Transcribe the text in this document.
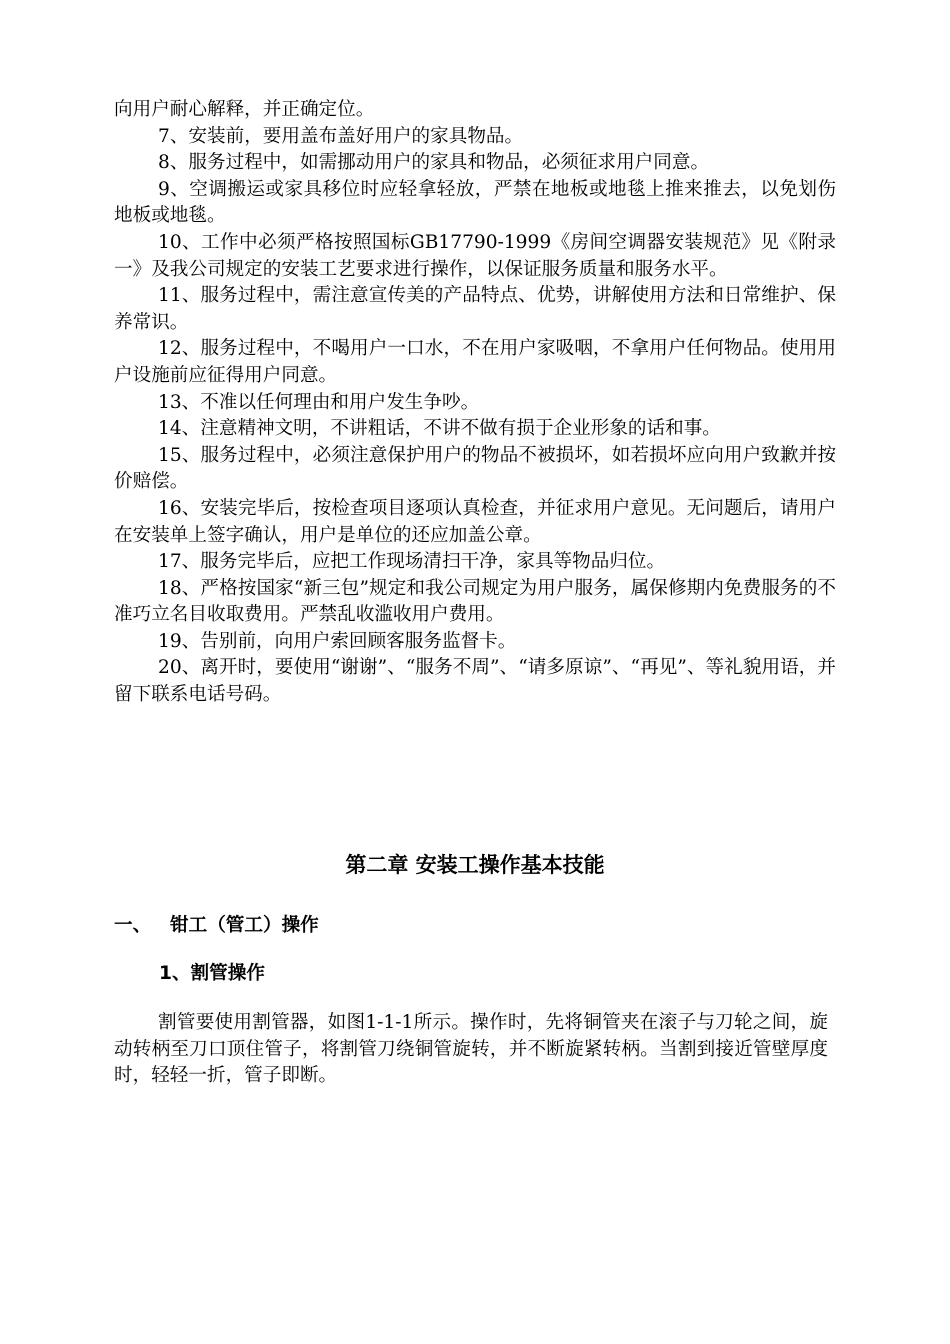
向用户耐心解释，并正确定位。

7、安装前，要用盖布盖好用户的家具物品。

8、服务过程中，如需挪动用户的家具和物品，必须征求用户同意。

9、空调搬运或家具移位时应轻拿轻放，严禁在地板或地毯上推来推去，以免划伤地板或地毯。

10、工作中必须严格按照国标GB17790-1999《房间空调器安装规范》见《附录一》及我公司规定的安装工艺要求进行操作，以保证服务质量和服务水平。

11、服务过程中，需注意宣传美的产品特点、优势，讲解使用方法和日常维护、保养常识。

12、服务过程中，不喝用户一口水，不在用户家吸咽，不拿用户任何物品。使用用户设施前应征得用户同意。

13、不准以任何理由和用户发生争吵。

14、注意精神文明，不讲粗话，不讲不做有损于企业形象的话和事。

15、服务过程中，必须注意保护用户的物品不被损坏，如若损坏应向用户致歉并按价赔偿。

16、安装完毕后，按检查项目逐项认真检查，并征求用户意见。无问题后，请用户在安装单上签字确认，用户是单位的还应加盖公章。

17、服务完毕后，应把工作现场清扫干净，家具等物品归位。

18、严格按国家“新三包”规定和我公司规定为用户服务，属保修期内免费服务的不准巧立名目收取费用。严禁乱收滥收用户费用。

19、告别前，向用户索回顾客服务监督卡。

20、离开时，要使用“谢谢”、“服务不周”、“请多原谅”、“再见”、等礼貌用语，并留下联系电话号码。

第二章 安装工操作基本技能
一、 钳工（管工）操作
1、割管操作

割管要使用割管器，如图1-1-1所示。操作时，先将铜管夹在滚子与刀轮之间，旋动转柄至刀口顶住管子，将割管刀绕铜管旋转，并不断旋紧转柄。当割到接近管壁厚度时，轻轻一折，管子即断。
